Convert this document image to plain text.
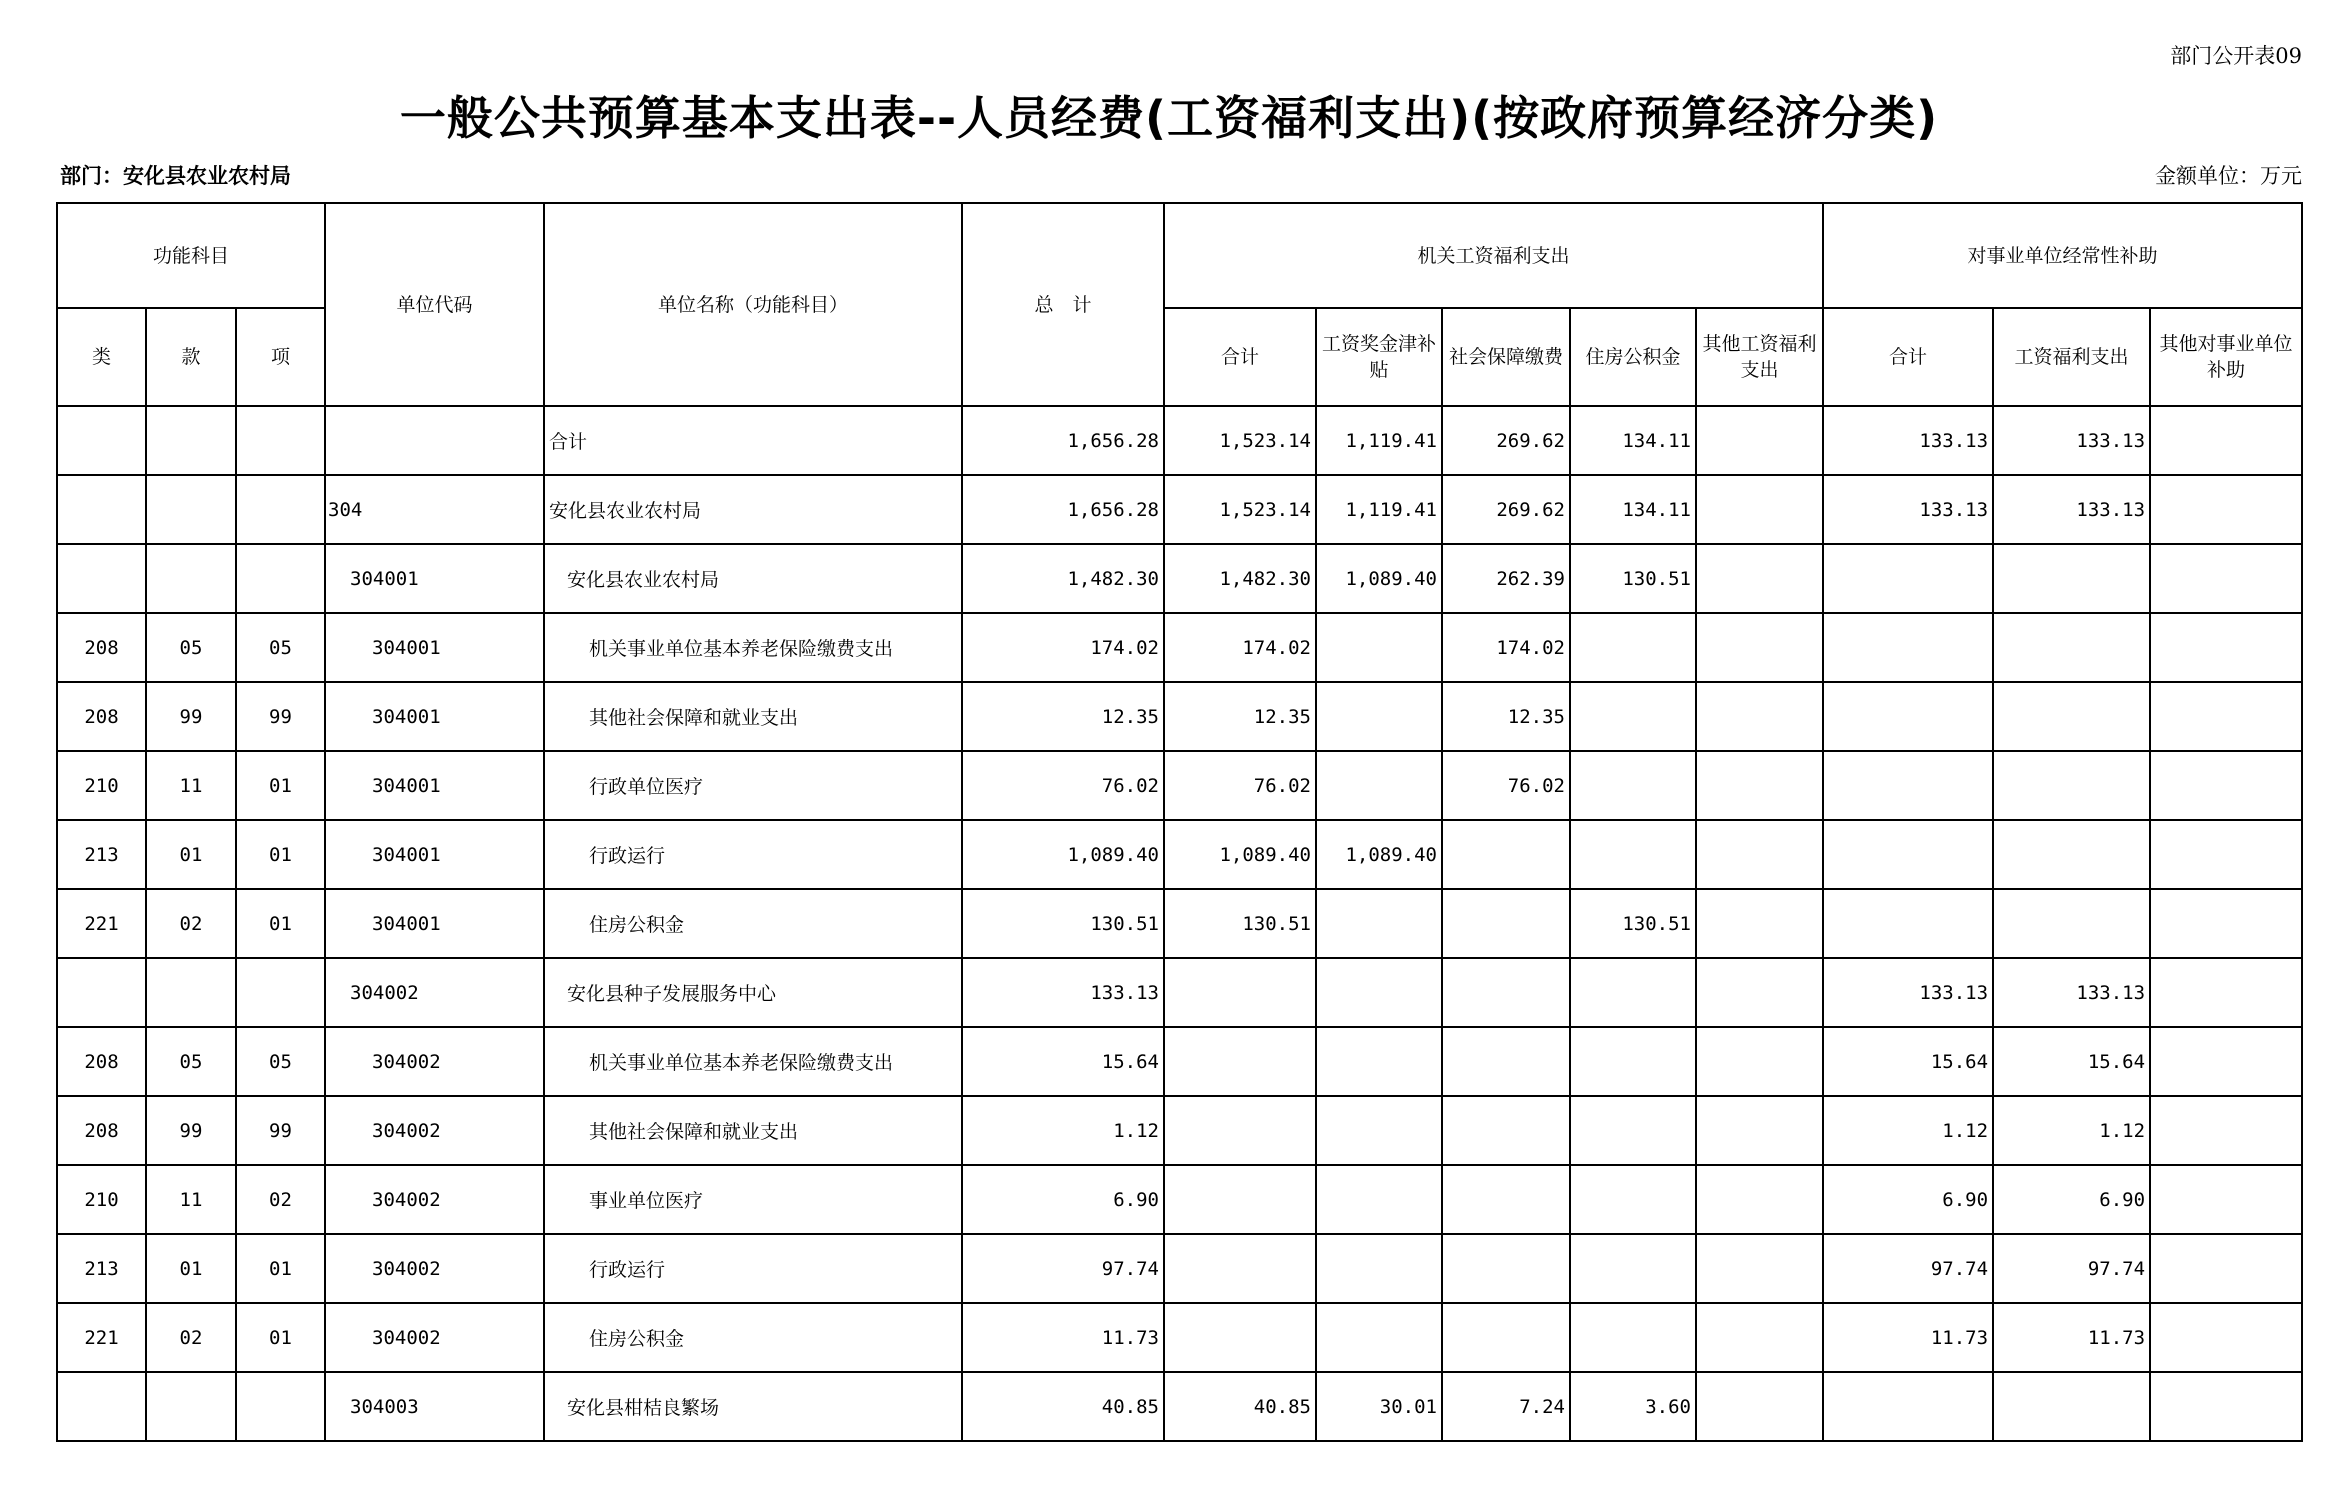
部门公开表09
一般公共预算基本支出表--人员经费(工资福利支出)(按政府预算经济分类)
部门：安化县农业农村局	金额单位：万元
功能科目			单位代码	单位名称（功能科目）	总　计	机关工资福利支出					对事业单位经常性补助		
类	款	项				合计	工资奖金津补贴	社会保障缴费	住房公积金	其他工资福利支出	合计	工资福利支出	其他对事业单位补助
				合计	1,656.28	1,523.14	1,119.41	269.62	134.11		133.13	133.13	
			304	安化县农业农村局	1,656.28	1,523.14	1,119.41	269.62	134.11		133.13	133.13	
			304001	安化县农业农村局	1,482.30	1,482.30	1,089.40	262.39	130.51				
208	05	05	304001	机关事业单位基本养老保险缴费支出	174.02	174.02		174.02					
208	99	99	304001	其他社会保障和就业支出	12.35	12.35		12.35					
210	11	01	304001	行政单位医疗	76.02	76.02		76.02					
213	01	01	304001	行政运行	1,089.40	1,089.40	1,089.40						
221	02	01	304001	住房公积金	130.51	130.51			130.51				
			304002	安化县种子发展服务中心	133.13						133.13	133.13	
208	05	05	304002	机关事业单位基本养老保险缴费支出	15.64						15.64	15.64	
208	99	99	304002	其他社会保障和就业支出	1.12						1.12	1.12	
210	11	02	304002	事业单位医疗	6.90						6.90	6.90	
213	01	01	304002	行政运行	97.74						97.74	97.74	
221	02	01	304002	住房公积金	11.73						11.73	11.73	
			304003	安化县柑桔良繁场	40.85	40.85	30.01	7.24	3.60				
